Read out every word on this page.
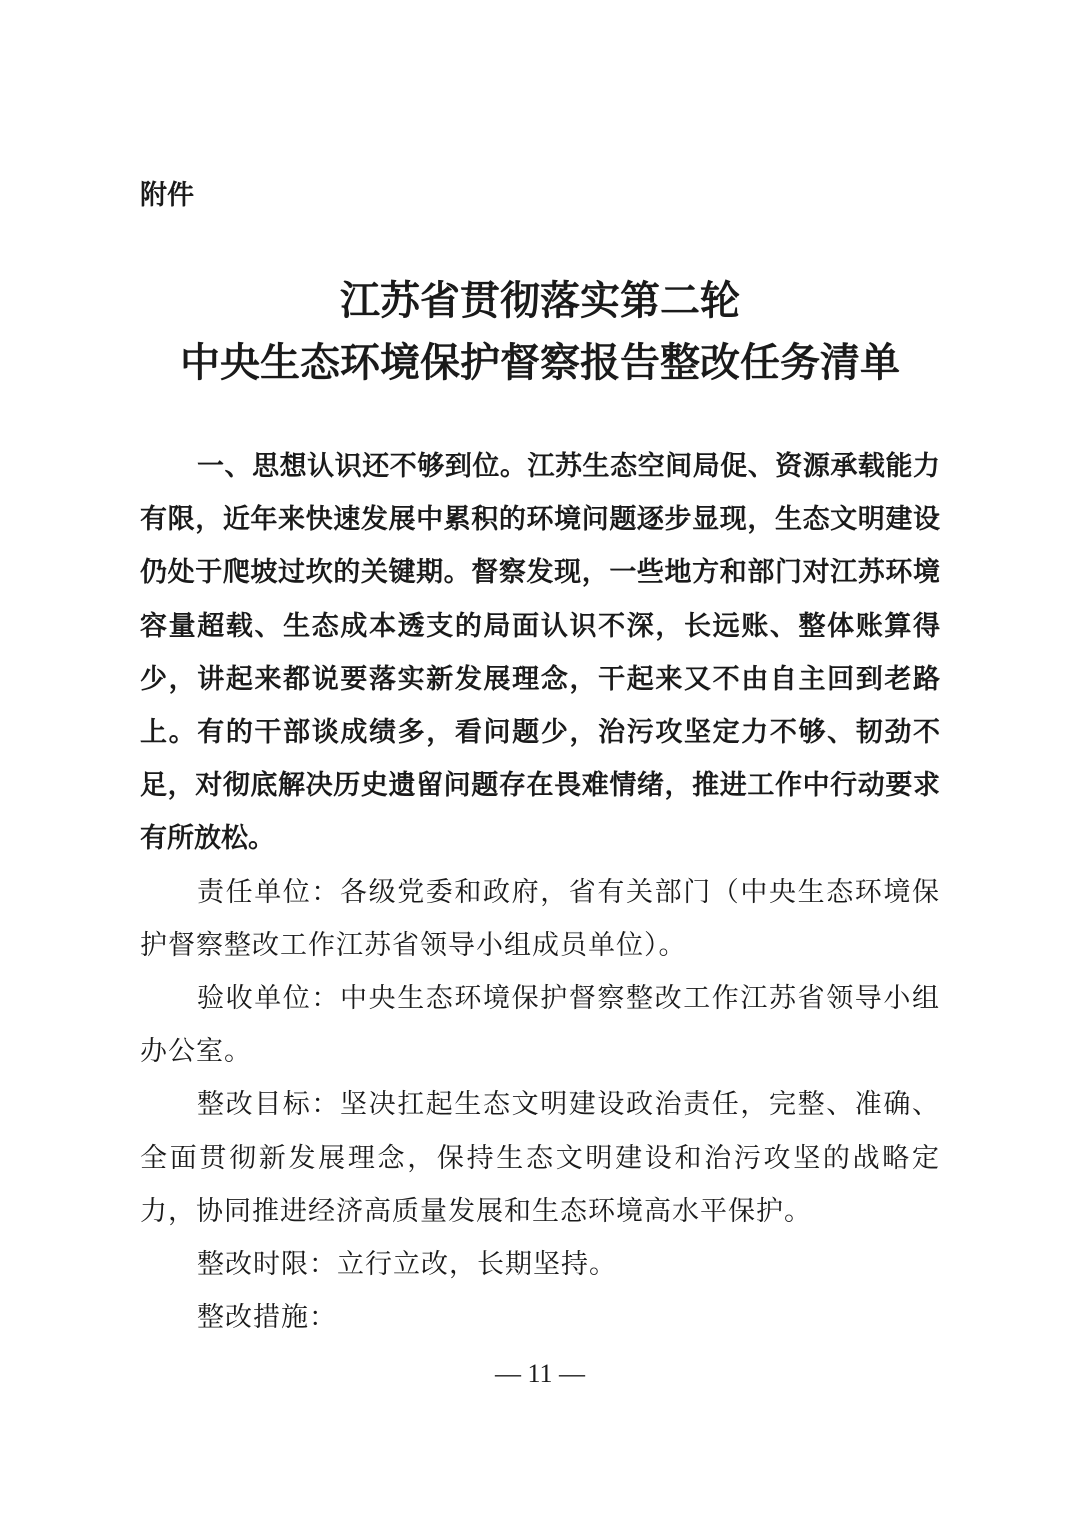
附件

江苏省贯彻落实第二轮
中央生态环境保护督察报告整改任务清单

一、思想认识还不够到位。江苏生态空间局促、资源承载能力有限，近年来快速发展中累积的环境问题逐步显现，生态文明建设仍处于爬坡过坎的关键期。督察发现，一些地方和部门对江苏环境容量超载、生态成本透支的局面认识不深，长远账、整体账算得少，讲起来都说要落实新发展理念，干起来又不由自主回到老路上。有的干部谈成绩多，看问题少，治污攻坚定力不够、韧劲不足，对彻底解决历史遗留问题存在畏难情绪，推进工作中行动要求有所放松。

责任单位：各级党委和政府，省有关部门（中央生态环境保护督察整改工作江苏省领导小组成员单位）。

验收单位：中央生态环境保护督察整改工作江苏省领导小组办公室。

整改目标：坚决扛起生态文明建设政治责任，完整、准确、全面贯彻新发展理念，保持生态文明建设和治污攻坚的战略定力，协同推进经济高质量发展和生态环境高水平保护。

整改时限：立行立改，长期坚持。

整改措施：

— 11 —
